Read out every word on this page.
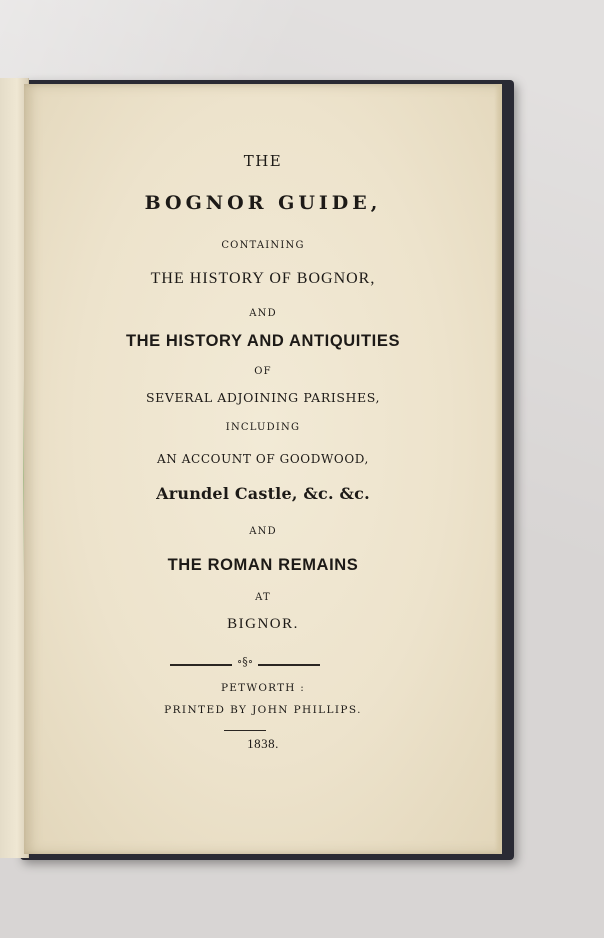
THE

BOGNOR GUIDE,

CONTAINING

THE HISTORY OF BOGNOR,

AND

THE HISTORY AND ANTIQUITIES

OF

SEVERAL ADJOINING PARISHES,

INCLUDING

AN ACCOUNT OF GOODWOOD,

Arundel Castle, &c. &c.

AND

THE ROMAN REMAINS

AT

BIGNOR.

∘§∘

PETWORTH :

PRINTED BY JOHN PHILLIPS.

1838.
